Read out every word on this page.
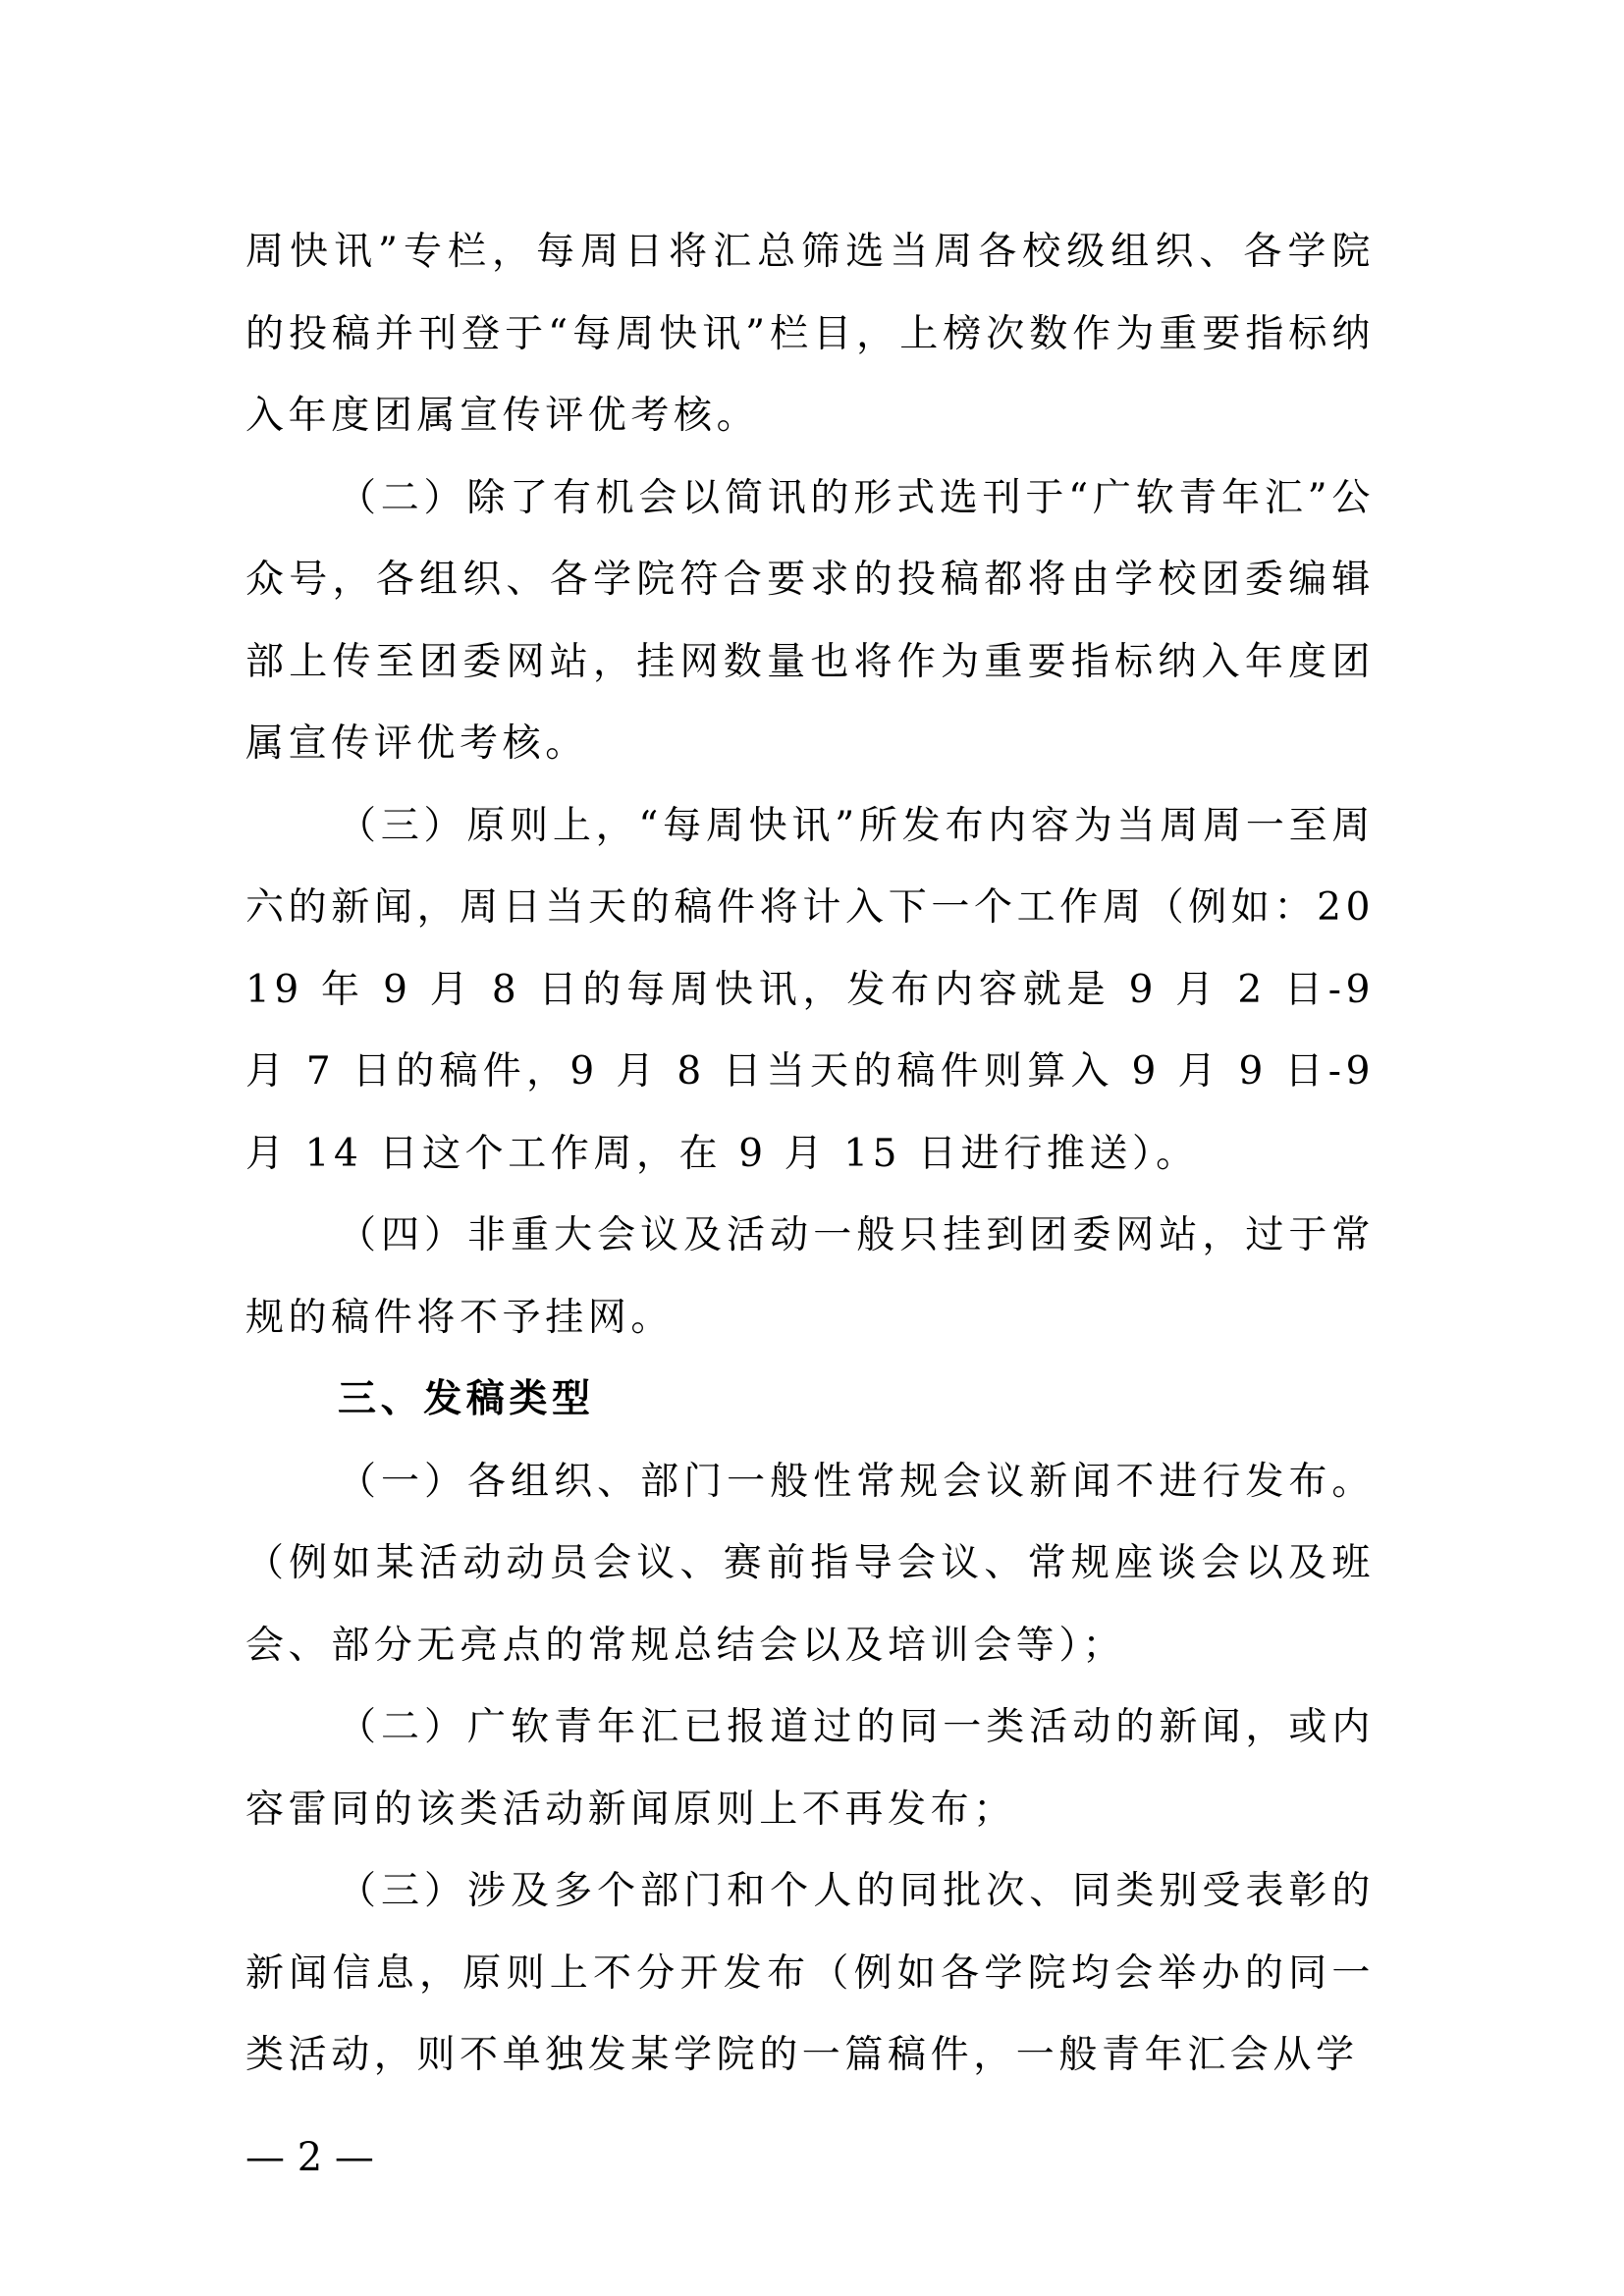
周快讯”专栏，每周日将汇总筛选当周各校级组织、各学院的投稿并刊登于“每周快讯”栏目，上榜次数作为重要指标纳入年度团属宣传评优考核。

（二）除了有机会以简讯的形式选刊于“广软青年汇”公众号，各组织、各学院符合要求的投稿都将由学校团委编辑部上传至团委网站，挂网数量也将作为重要指标纳入年度团属宣传评优考核。

（三）原则上，“每周快讯”所发布内容为当周周一至周六的新闻，周日当天的稿件将计入下一个工作周（例如：2019 年 9 月 8 日的每周快讯，发布内容就是 9 月 2 日-9 月 7 日的稿件，9 月 8 日当天的稿件则算入 9 月 9 日-9 月 14 日这个工作周，在 9 月 15 日进行推送）。

（四）非重大会议及活动一般只挂到团委网站，过于常规的稿件将不予挂网。

三、发稿类型

（一）各组织、部门一般性常规会议新闻不进行发布。（例如某活动动员会议、赛前指导会议、常规座谈会以及班会、部分无亮点的常规总结会以及培训会等）；

（二）广软青年汇已报道过的同一类活动的新闻，或内容雷同的该类活动新闻原则上不再发布；

（三）涉及多个部门和个人的同批次、同类别受表彰的新闻信息，原则上不分开发布（例如各学院均会举办的同一类活动，则不单独发某学院的一篇稿件，一般青年汇会从学

— 2 —
